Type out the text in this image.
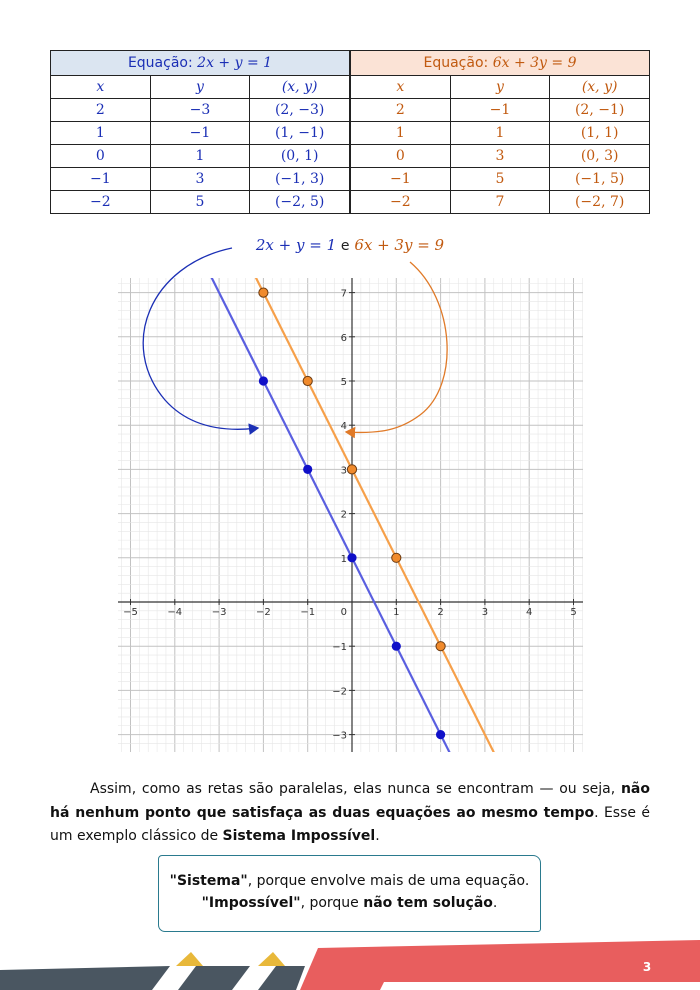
Equação: 2x + y = 1		
x	y	(x, y)
2	−3	(2, −3)
1	−1	(1, −1)
0	1	(0, 1)
−1	3	(−1, 3)
−2	5	(−2, 5)
Equação: 6x + 3y = 9		
x	y	(x, y)
2	−1	(2, −1)
1	1	(1, 1)
0	3	(0, 3)
−1	5	(−1, 5)
−2	7	(−2, 7)
2x + y = 1 e 6x + 3y = 9
−5	−4	−3	−2	−1	1	2	3	4	5
−3
−2
−1
1
2
3
4
5
6
7
0
Assim, como as retas são paralelas, elas nunca se encontram — ou seja, não há nenhum ponto que satisfaça as duas equações ao mesmo tempo. Esse é um exemplo clássico de Sistema Impossível.
"Sistema", porque envolve mais de uma equação.
"Impossível", porque não tem solução.
3
